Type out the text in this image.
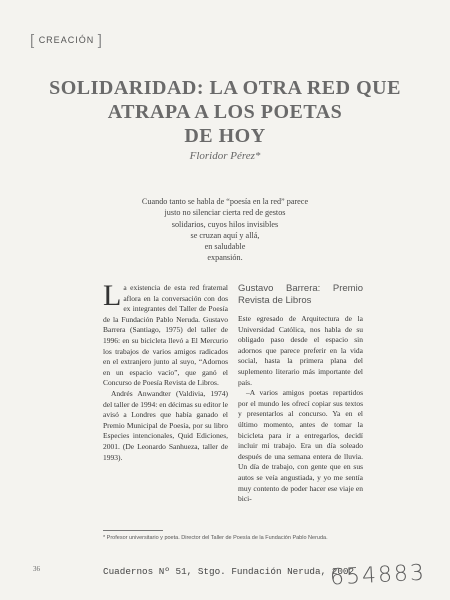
[ CREACIÓN ]
SOLIDARIDAD: LA OTRA RED QUE
ATRAPA A LOS POETAS
DE HOY
Floridor Pérez*
Cuando tanto se habla de “poesía en la red” parece
justo no silenciar cierta red de gestos
solidarios, cuyos hilos invisibles
se cruzan aquí y allá,
en saludable
expansión.

La existencia de esta red fraternal aflora en la conversación con dos ex integrantes del Taller de Poesía de la Fundación Pablo Neruda. Gustavo Barrera (Santiago, 1975) del taller de 1996: en su bicicleta llevó a El Mercurio los trabajos de varios amigos radicados en el extranjero junto al suyo, “Adornos en un espacio vacío”, que ganó el Concurso de Poesía Revista de Libros.

Andrés Anwandter (Valdivia, 1974) del taller de 1994: en décimas su editor le avisó a Londres que había ganado el Premio Municipal de Poesía, por su libro Especies intencionales, Quid Ediciones, 2001. (De Leonardo Sanhueza, taller de 1993).

Gustavo Barrera: Premio Revista de Libros

Este egresado de Arquitectura de la Universidad Católica, nos habla de su obligado paso desde el espacio sin adornos que parece preferir en la vida social, hasta la primera plana del suplemento literario más importante del país.

–A varios amigos poetas repartidos por el mundo les ofrecí copiar sus textos y presentarlos al concurso. Ya en el último momento, antes de tomar la bicicleta para ir a entregarlos, decidí incluir mi trabajo. Era un día soleado después de una semana entera de lluvia. Un día de trabajo, con gente que en sus autos se veía angustiada, y yo me sentía muy contento de poder hacer ese viaje en bici-

* Profesor universitario y poeta. Director del Taller de Poesía de la Fundación Pablo Neruda.
36	Cuadernos Nº 51, Stgo. Fundación Neruda, 2002
654883
